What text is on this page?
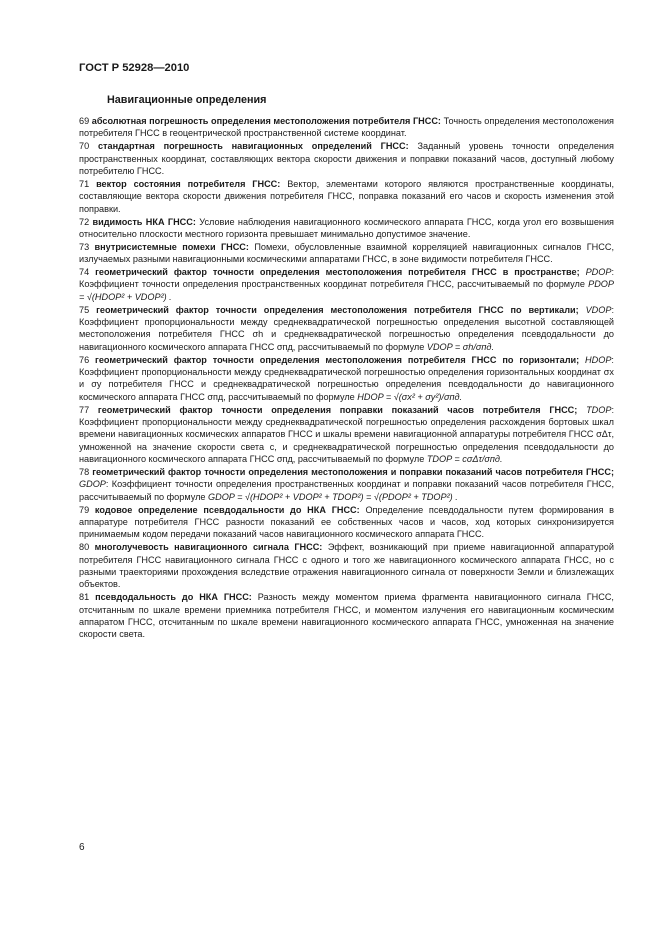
ГОСТ Р 52928—2010
Навигационные определения

69 абсолютная погрешность определения местоположения потребителя ГНСС: Точность определения местоположения потребителя ГНСС в геоцентрической пространственной системе координат.

70 стандартная погрешность навигационных определений ГНСС: Заданный уровень точности определения пространственных координат, составляющих вектора скорости движения и поправки показаний часов, доступный любому потребителю ГНСС.

71 вектор состояния потребителя ГНСС: Вектор, элементами которого являются пространственные координаты, составляющие вектора скорости движения потребителя ГНСС, поправка показаний его часов и скорость изменения этой поправки.

72 видимость НКА ГНСС: Условие наблюдения навигационного космического аппарата ГНСС, когда угол его возвышения относительно плоскости местного горизонта превышает минимально допустимое значение.

73 внутрисистемные помехи ГНСС: Помехи, обусловленные взаимной корреляцией навигационных сигналов ГНСС, излучаемых разными навигационными космическими аппаратами ГНСС, в зоне видимости потребителя ГНСС.

74 геометрический фактор точности определения местоположения потребителя ГНСС в пространстве; PDOP: Коэффициент точности определения пространственных координат потребителя ГНСС, рассчитываемый по формуле PDOP = √(HDOP² + VDOP²) .

75 геометрический фактор точности определения местоположения потребителя ГНСС по вертикали; VDOP: Коэффициент пропорциональности между среднеквадратической погрешностью определения высотной составляющей местоположения потребителя ГНСС σh и среднеквадратической погрешностью определения псевдодальности до навигационного космического аппарата ГНСС σпд, рассчитываемый по формуле VDOP = σh/σпд.

76 геометрический фактор точности определения местоположения потребителя ГНСС по горизонтали; HDOP: Коэффициент пропорциональности между среднеквадратической погрешностью определения горизонтальных координат σx и σy потребителя ГНСС и среднеквадратической погрешностью определения псевдодальности до навигационного космического аппарата ГНСС σпд, рассчитываемый по формуле HDOP = √(σx² + σy²)/σпд.

77 геометрический фактор точности определения поправки показаний часов потребителя ГНСС; TDOP: Коэффициент пропорциональности между среднеквадратической погрешностью определения расхождения бортовых шкал времени навигационных космических аппаратов ГНСС и шкалы времени навигационной аппаратуры потребителя ГНСС σΔτ, умноженной на значение скорости света c, и среднеквадратической погрешностью определения псевдодальности до навигационного космического аппарата ГНСС σпд, рассчитываемый по формуле TDOP = cσΔτ/σпд.

78 геометрический фактор точности определения местоположения и поправки показаний часов потребителя ГНСС; GDOP: Коэффициент точности определения пространственных координат и поправки показаний часов потребителя ГНСС, рассчитываемый по формуле GDOP = √(HDOP² + VDOP² + TDOP²) = √(PDOP² + TDOP²) .

79 кодовое определение псевдодальности до НКА ГНСС: Определение псевдодальности путем формирования в аппаратуре потребителя ГНСС разности показаний ее собственных часов и часов, ход которых синхронизируется принимаемым кодом передачи показаний часов навигационного космического аппарата ГНСС.

80 многолучевость навигационного сигнала ГНСС: Эффект, возникающий при приеме навигационной аппаратурой потребителя ГНСС навигационного сигнала ГНСС с одного и того же навигационного космического аппарата ГНСС, но с разными траекториями прохождения вследствие отражения навигационного сигнала от поверхности Земли и близлежащих объектов.

81 псевдодальность до НКА ГНСС: Разность между моментом приема фрагмента навигационного сигнала ГНСС, отсчитанным по шкале времени приемника потребителя ГНСС, и моментом излучения его навигационным космическим аппаратом ГНСС, отсчитанным по шкале времени навигационного космического аппарата ГНСС, умноженная на значение скорости света.

6
